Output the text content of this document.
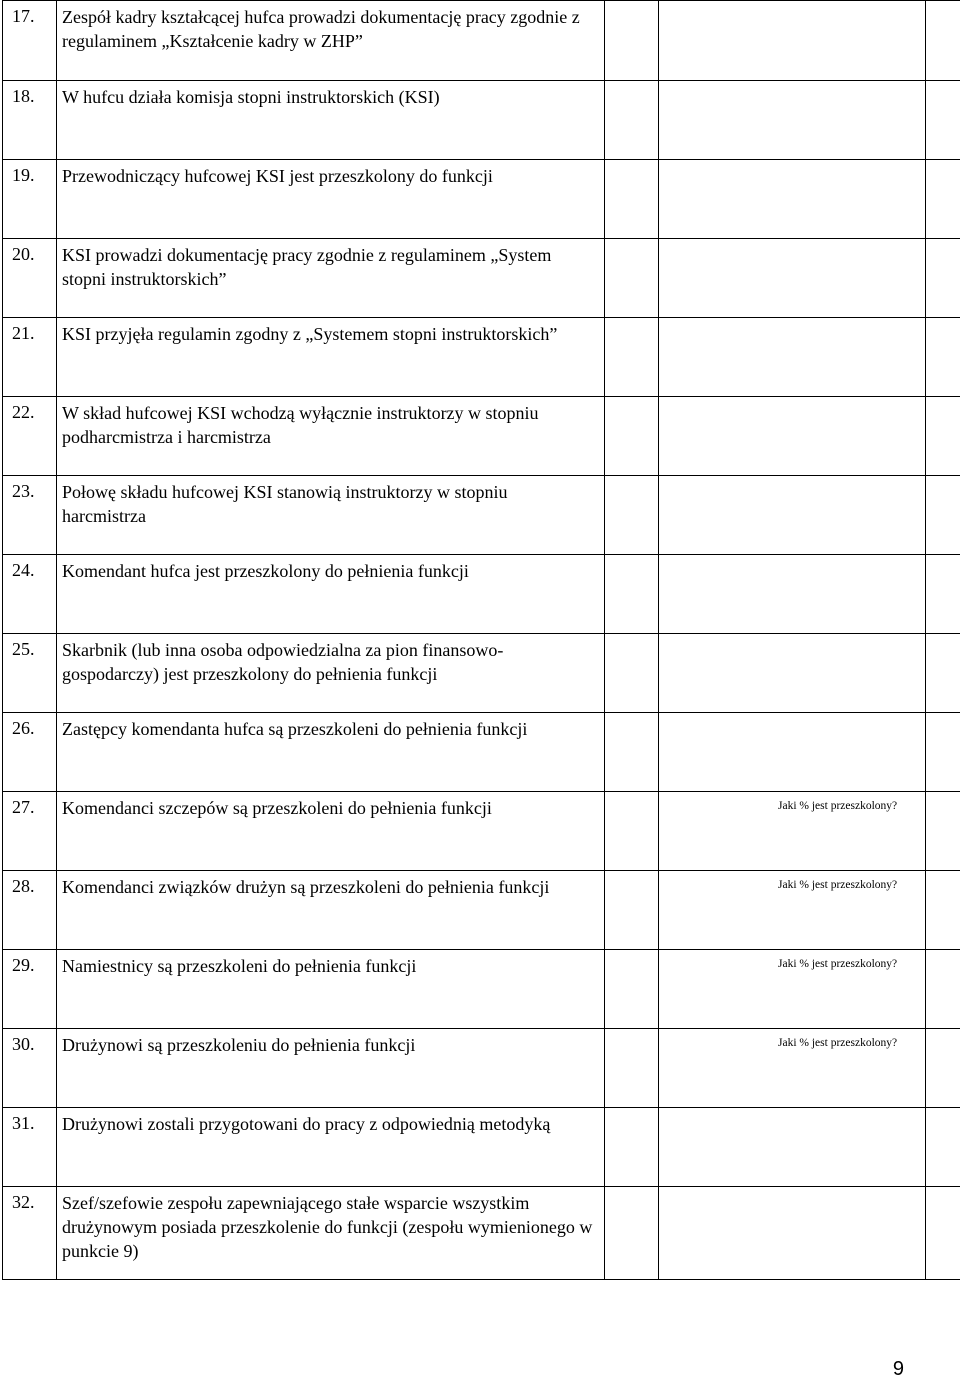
17.	Zespół kadry kształcącej hufca prowadzi dokumentację pracy zgodnie z regulaminem „Kształcenie kadry w ZHP”			
18.	W hufcu działa komisja stopni instruktorskich (KSI)			
19.	Przewodniczący hufcowej KSI jest przeszkolony do funkcji			
20.	KSI prowadzi dokumentację pracy zgodnie z regulaminem „System stopni instruktorskich”			
21.	KSI przyjęła regulamin zgodny z „Systemem stopni instruktorskich”			
22.	W skład hufcowej KSI wchodzą wyłącznie instruktorzy w stopniu podharcmistrza i harcmistrza			
23.	Połowę składu hufcowej KSI stanowią instruktorzy w stopniu harcmistrza			
24.	Komendant hufca jest przeszkolony do pełnienia funkcji			
25.	Skarbnik (lub inna osoba odpowiedzialna za pion finansowo-gospodarczy) jest przeszkolony do pełnienia funkcji			
26.	Zastępcy komendanta hufca są przeszkoleni do pełnienia funkcji			
27.	Komendanci szczepów są przeszkoleni do pełnienia funkcji		Jaki % jest przeszkolony?	

28.	Komendanci związków drużyn są przeszkoleni do pełnienia funkcji		Jaki % jest przeszkolony?	

29.	Namiestnicy są przeszkoleni do pełnienia funkcji		Jaki % jest przeszkolony?	

30.	Drużynowi są przeszkoleniu do pełnienia funkcji		Jaki % jest przeszkolony?	

31.	Drużynowi zostali przygotowani do pracy z odpowiednią metodyką			
32.	Szef/szefowie zespołu zapewniającego stałe wsparcie wszystkim drużynowym posiada przeszkolenie do funkcji (zespołu wymienionego w punkcie 9)			
9
